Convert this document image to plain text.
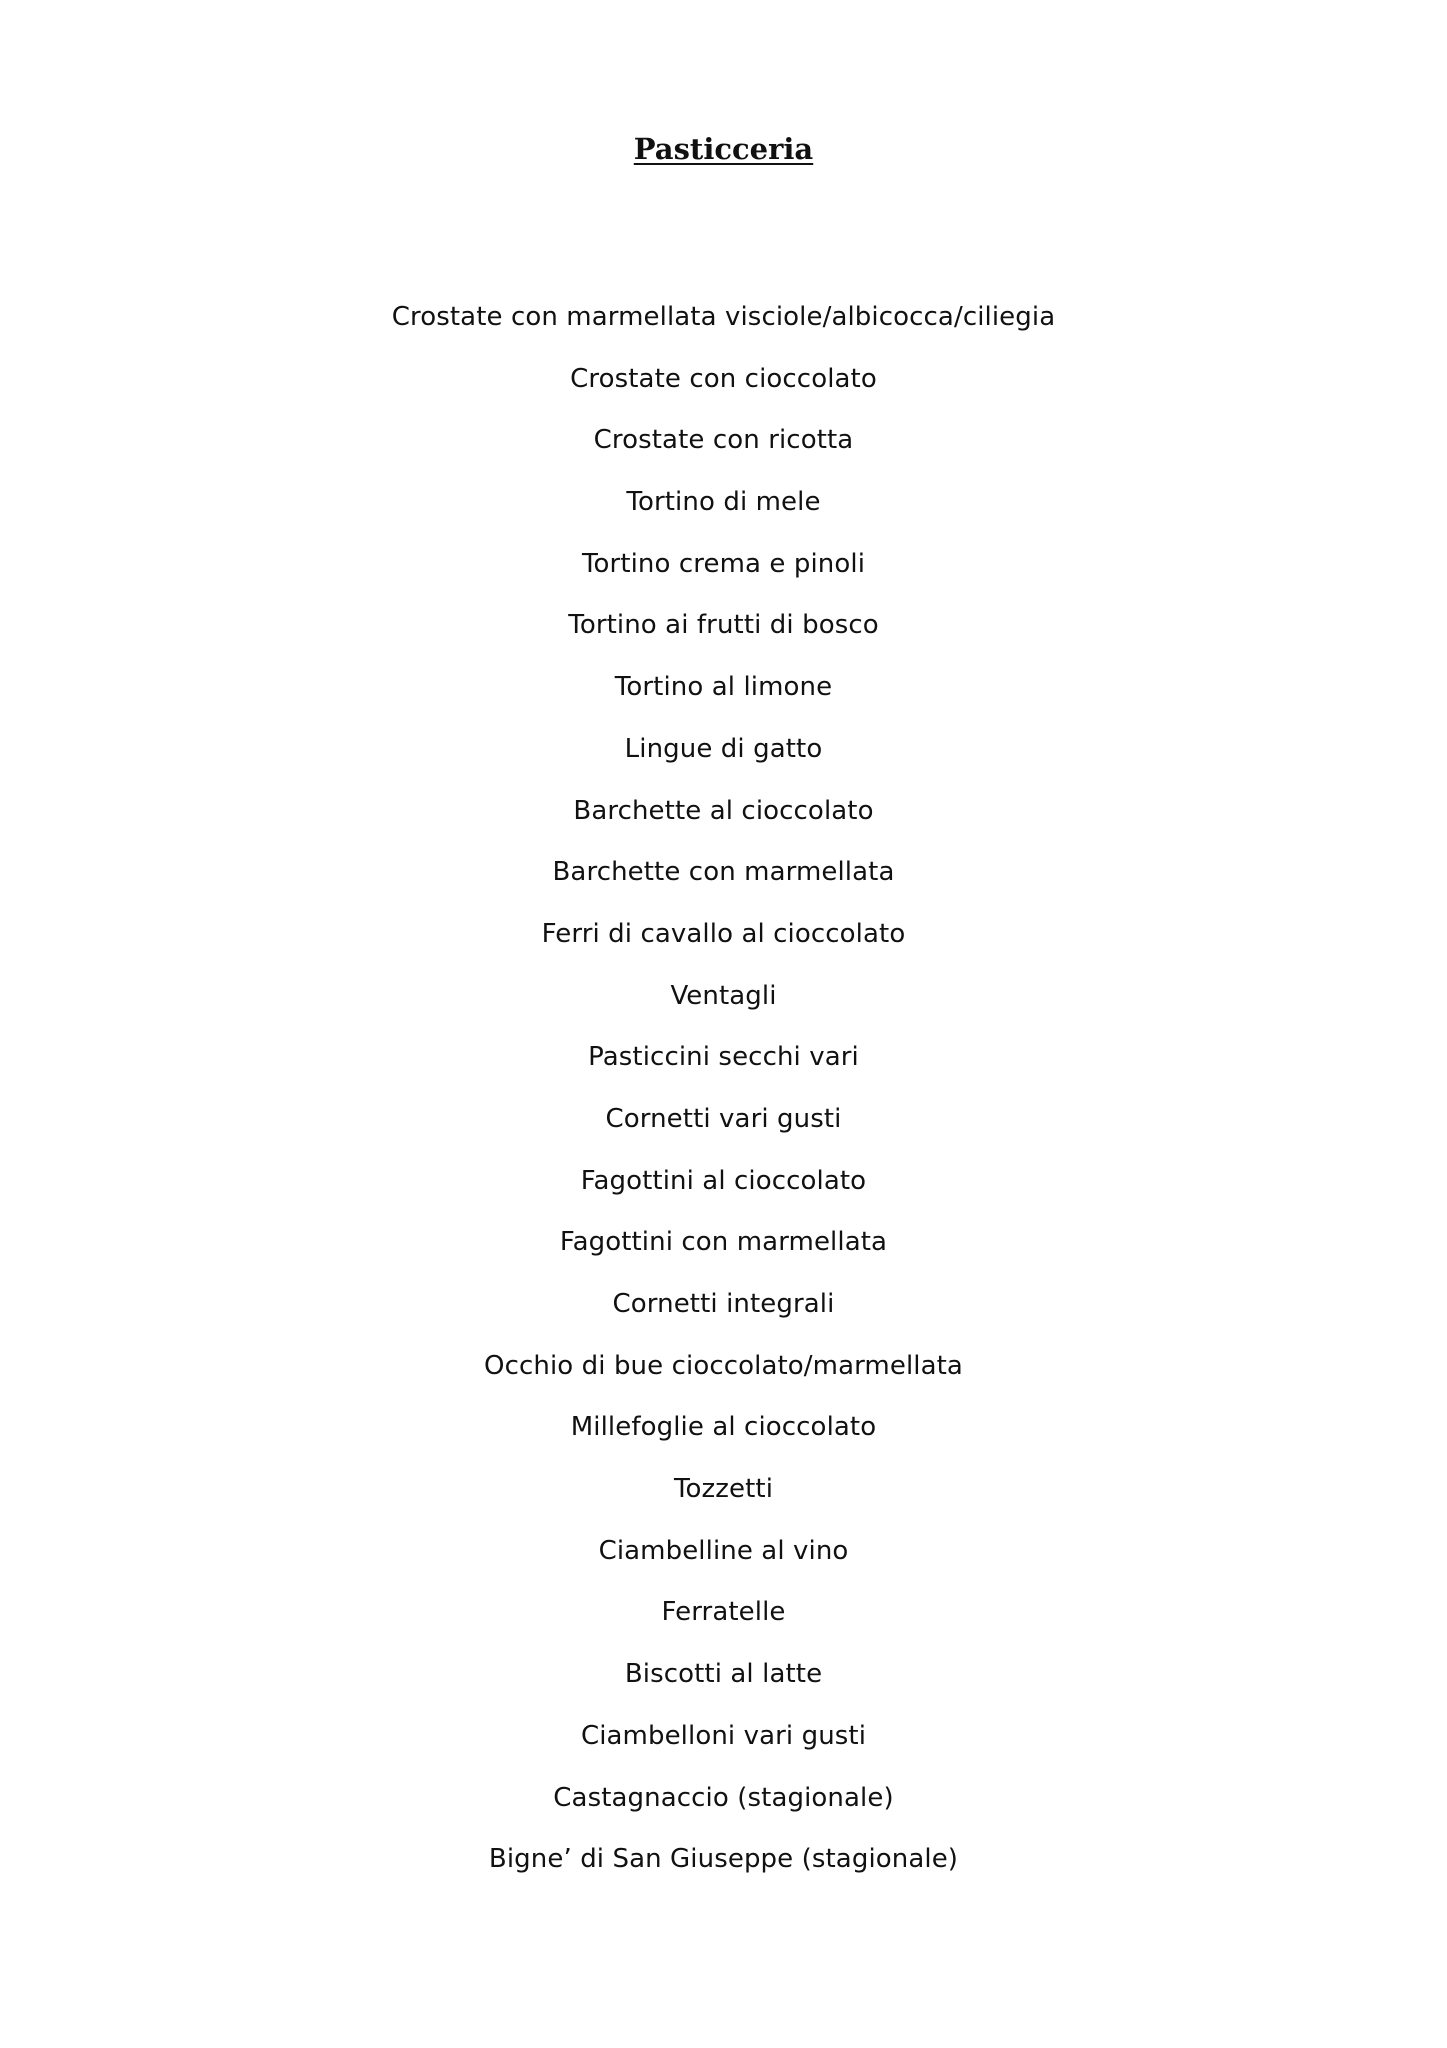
Pasticceria
Crostate con marmellata visciole/albicocca/ciliegia
Crostate con cioccolato
Crostate con ricotta
Tortino di mele
Tortino crema e pinoli
Tortino ai frutti di bosco
Tortino al limone
Lingue di gatto
Barchette al cioccolato
Barchette con marmellata
Ferri di cavallo al cioccolato
Ventagli
Pasticcini secchi vari
Cornetti vari gusti
Fagottini al cioccolato
Fagottini con marmellata
Cornetti integrali
Occhio di bue cioccolato/marmellata
Millefoglie al cioccolato
Tozzetti
Ciambelline al vino
Ferratelle
Biscotti al latte
Ciambelloni vari gusti
Castagnaccio (stagionale)
Bigne’ di San Giuseppe (stagionale)
